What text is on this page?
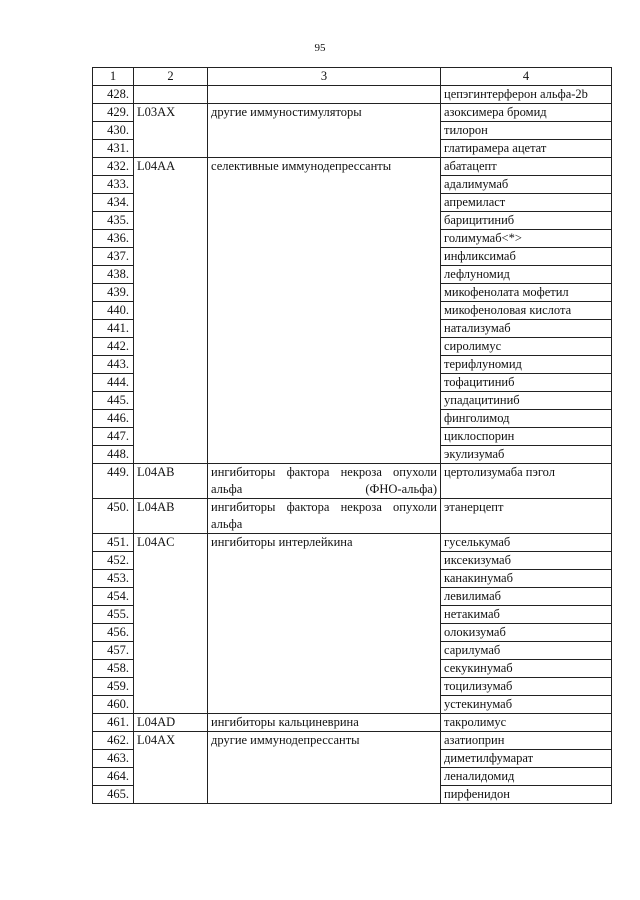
95
1	2	3	4
428.			цепэгинтерферон альфа-2b
429.	L03AX	другие иммуностимуляторы	азоксимера бромид
430.			тилорон
431.			глатирамера ацетат
432.	L04AA	селективные иммунодепрессанты	абатацепт
433.			адалимумаб
434.			апремиласт
435.			барицитиниб
436.			голимумаб<*>
437.			инфликсимаб
438.			лефлуномид
439.			микофенолата мофетил
440.			микофеноловая кислота
441.			натализумаб
442.			сиролимус
443.			терифлуномид
444.			тофацитиниб
445.			упадацитиниб
446.			финголимод
447.			циклоспорин
448.			экулизумаб
449.	L04AB	ингибиторы фактора некроза опухоли альфа (ФНО-альфа)	цертолизумаба пэгол
450.	L04AB	ингибиторы фактора некроза опухоли альфа	этанерцепт
451.	L04AC	ингибиторы интерлейкина	гуселькумаб
452.			иксекизумаб
453.			канакинумаб
454.			левилимаб
455.			нетакимаб
456.			олокизумаб
457.			сарилумаб
458.			секукинумаб
459.			тоцилизумаб
460.			устекинумаб
461.	L04AD	ингибиторы кальциневрина	такролимус
462.	L04AX	другие иммунодепрессанты	азатиоприн
463.			диметилфумарат
464.			леналидомид
465.			пирфенидон
